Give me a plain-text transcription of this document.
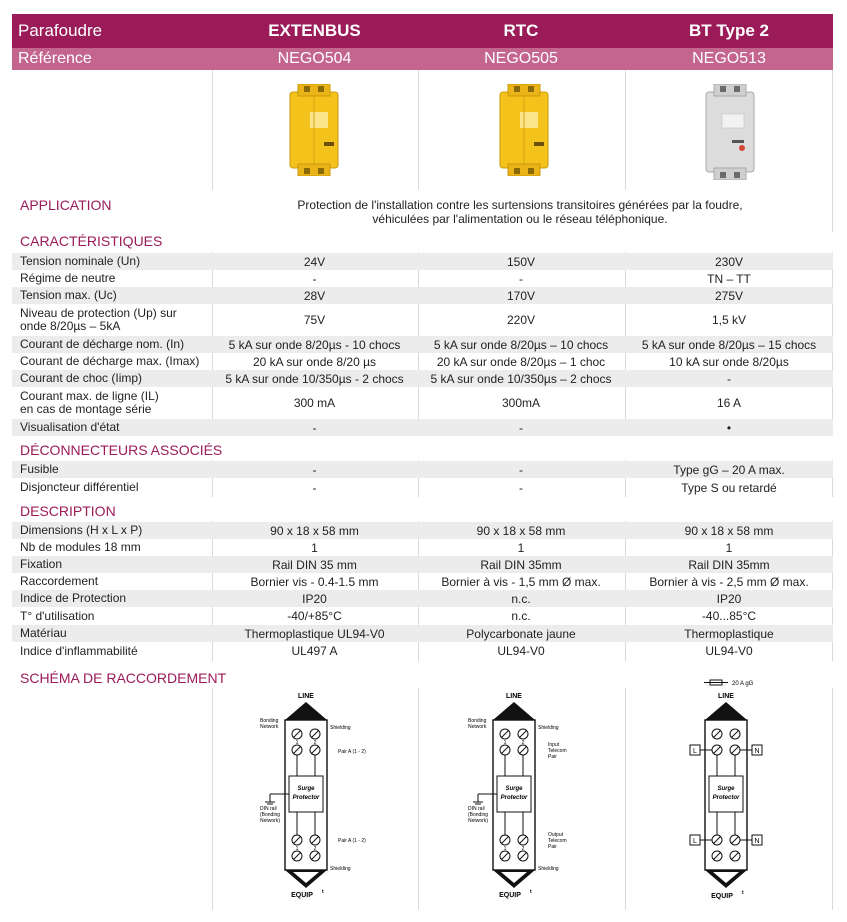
Parafoudre	EXTENBUS	RTC	BT Type 2
Référence	NEGO504	NEGO505	NEGO513
APPLICATION	Protection de l'installation contre les surtensions transitoires générées par la foudre,
véhiculées par l'alimentation ou le réseau téléphonique.
CARACTÉRISTIQUES
Tension nominale (Un)	24V	150V	230V
Régime de neutre	-	-	TN – TT
Tension max. (Uc)	28V	170V	275V
Niveau de protection (Up) sur
onde 8/20µs – 5kA	75V	220V	1,5 kV
Courant de décharge nom. (In)	5 kA sur onde 8/20µs - 10 chocs	5 kA sur onde 8/20µs – 10 chocs	5 kA sur onde 8/20µs – 15 chocs
Courant de décharge max. (Imax)	20 kA sur onde 8/20 µs	20 kA sur onde 8/20µs – 1 choc	10 kA sur onde 8/20µs
Courant de choc (Iimp)	5 kA sur onde 10/350µs - 2 chocs	5 kA sur onde 10/350µs – 2 chocs	-
Courant max. de ligne (IL)
en cas de montage série	300 mA	300mA	16 A
Visualisation d'état	-	-	•
DÉCONNECTEURS ASSOCIÉS
Fusible	-	-	Type gG – 20 A max.
Disjoncteur différentiel	-	-	Type S ou retardé
DESCRIPTION
Dimensions (H x L x P)	90 x 18 x 58 mm	90 x 18 x 58 mm	90 x 18 x 58 mm
Nb de modules 18 mm	1	1	1
Fixation	Rail DIN 35 mm	Rail DIN 35mm	Rail DIN 35mm
Raccordement	Bornier vis - 0.4-1.5 mm	Bornier à vis - 1,5 mm Ø max.	Bornier à vis - 2,5 mm Ø max.
Indice de Protection	IP20	n.c.	IP20
T° d'utilisation	-40/+85°C	n.c.	-40...85°C
Matériau	Thermoplastique UL94-V0	Polycarbonate jaune	Thermoplastique
Indice d'inflammabilité	UL497 A	UL94-V0	UL94-V0
SCHÉMA DE RACCORDEMENT
LINE
1	2
Surge
Protector
1	2
EQUIP t
Bonding
Network	Shielding
Pair A (1 - 2)
Pair A (1 - 2)
DIN rail
(Bonding
Network)
Shielding
LINE
1	2
Surge
Protector
1	2
EQUIP t
Bonding
Network	Shielding
Input
Telecom
Pair
Output
Telecom
Pair
DIN rail
(Bonding
Network)
Shielding
20 A gG
LINE
L	N
Surge
Protector
L	N
EQUIP t
